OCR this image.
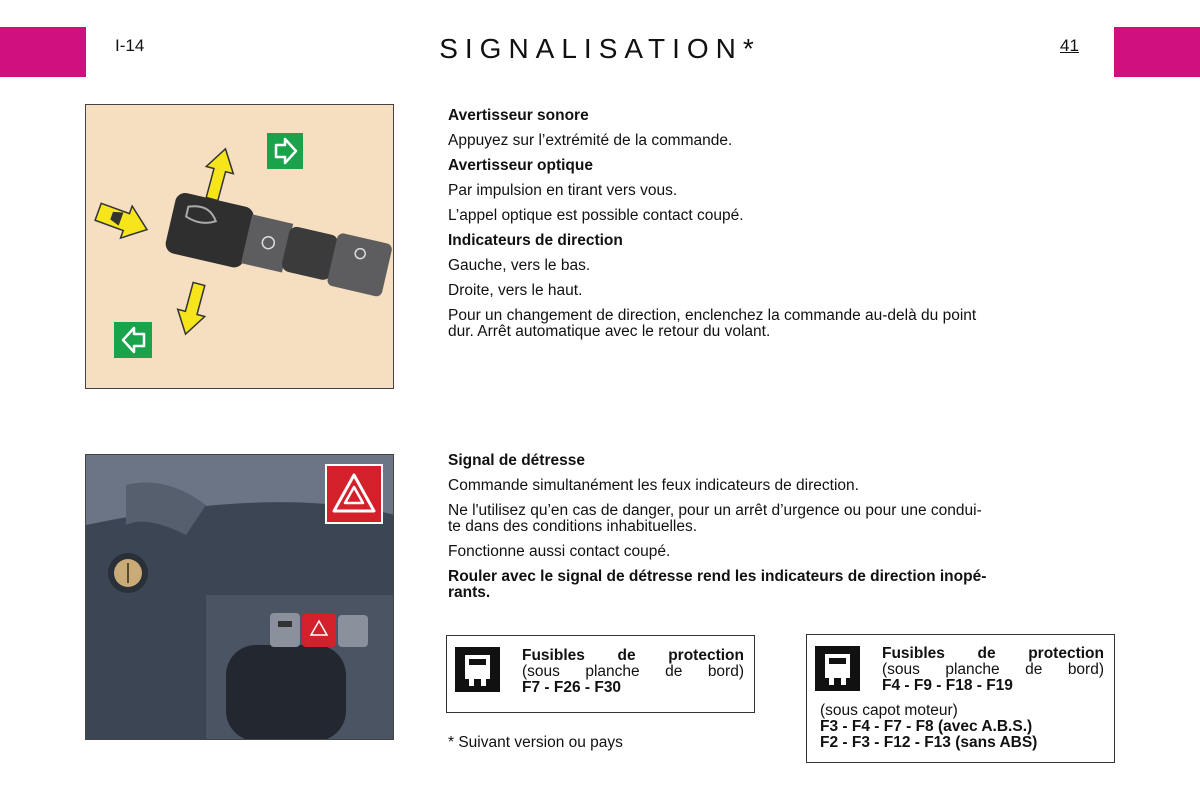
I-14	SIGNALISATION*	41
Avertisseur sonore

Appuyez sur l’extrémité de la commande.

Avertisseur optique

Par impulsion en tirant vers vous.

L’appel optique est possible contact coupé.

Indicateurs de direction

Gauche, vers le bas.

Droite, vers le haut.

Pour un changement de direction, enclenchez la commande au-delà du point
dur. Arrêt automatique avec le retour du volant.

Signal de détresse

Commande simultanément les feux indicateurs de direction.

Ne l'utilisez qu’en cas de danger, pour un arrêt d’urgence ou pour une condui-
te dans des conditions inhabituelles.

Fonctionne aussi contact coupé.

Rouler avec le signal de détresse rend les indicateurs de direction inopé-
rants.

Fusibles de protection
(sous planche de bord)
F7 - F26 - F30
Fusibles de protection
(sous planche de bord)
F4 - F9 - F18 - F19
(sous capot moteur)
F3 - F4 - F7 - F8 (avec A.B.S.)
F2 - F3 - F12 - F13 (sans ABS)
* Suivant version ou pays
